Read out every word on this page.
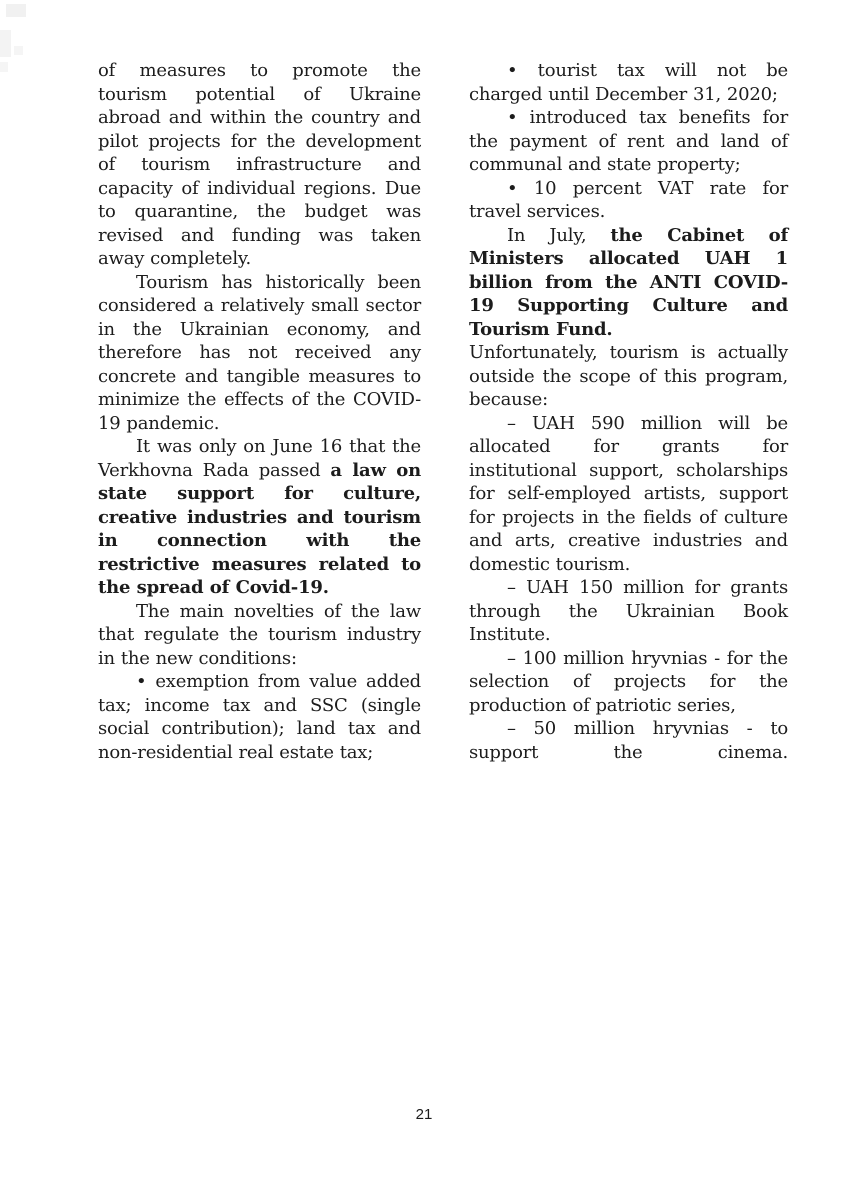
of measures to promote the tourism potential of Ukraine abroad and within the country and pilot projects for the development of tourism infrastructure and capacity of individual regions. Due to quarantine, the budget was revised and funding was taken away completely.

Tourism has historically been considered a relatively small sector in the Ukrainian economy, and therefore has not received any concrete and tangible measures to minimize the effects of the COVID-19 pandemic.

It was only on June 16 that the Verkhovna Rada passed a law on state support for culture, creative industries and tourism in connection with the restrictive measures related to the spread of Covid-19.

The main novelties of the law that regulate the tourism industry in the new conditions:

• exemption from value added tax; income tax and SSC (single social contribution); land tax and non-residential real estate tax;

• tourist tax will not be charged until December 31, 2020;

• introduced tax benefits for the payment of rent and land of communal and state property;

• 10 percent VAT rate for travel services.

In July, the Cabinet of Ministers allocated UAH 1 billion from the ANTI COVID-19 Supporting Culture and Tourism Fund.

Unfortunately, tourism is actually outside the scope of this program, because:

– UAH 590 million will be allocated for grants for institutional support, scholarships for self-employed artists, support for projects in the fields of culture and arts, creative industries and domestic tourism.

– UAH 150 million for grants through the Ukrainian Book Institute.

– 100 million hryvnias - for the selection of projects for the production of patriotic series,

– 50 million hryvnias - to support the cinema.

21
